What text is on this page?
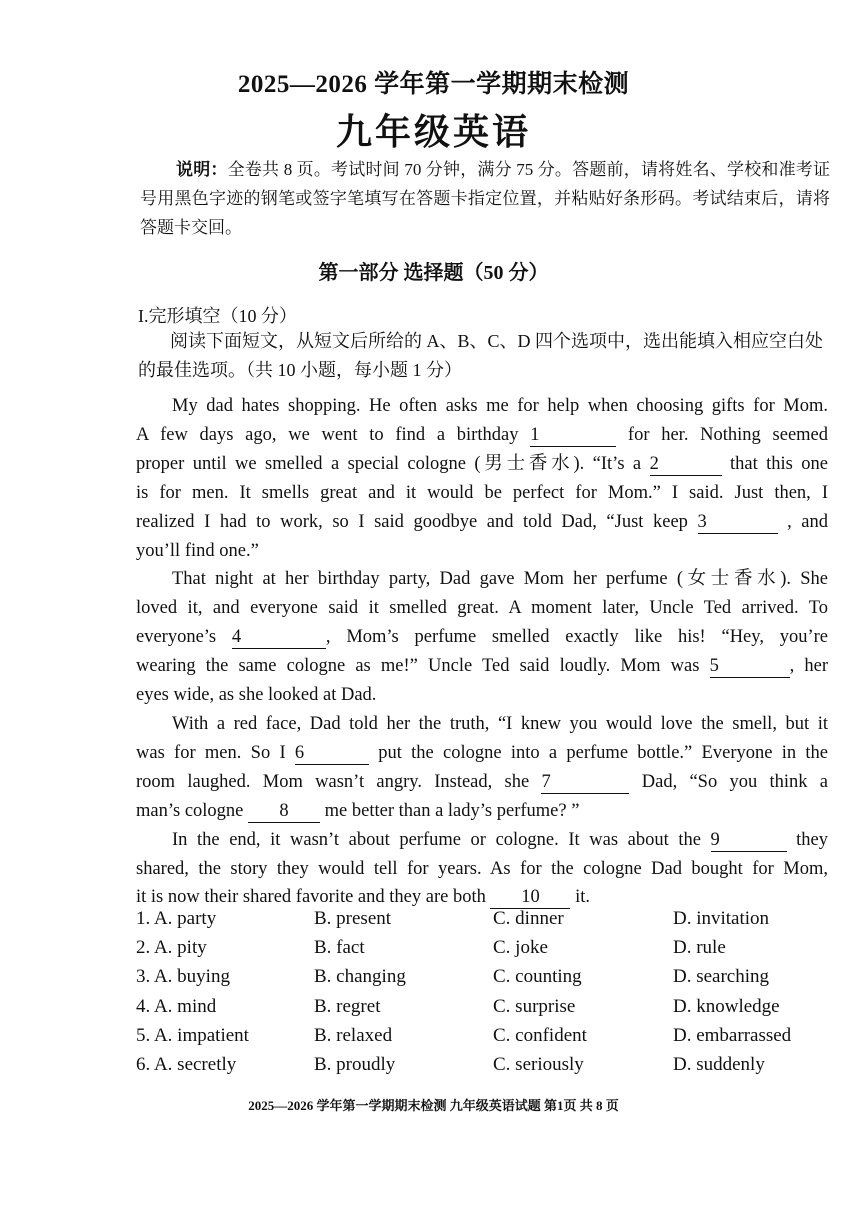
2025—2026 学年第一学期期末检测
九年级英语
说明：全卷共 8 页。考试时间 70 分钟，满分 75 分。答题前，请将姓名、学校和准考证号用黑色字迹的钢笔或签字笔填写在答题卡指定位置，并粘贴好条形码。考试结束后，请将答题卡交回。
第一部分 选择题（50 分）
I.完形填空（10 分）
阅读下面短文，从短文后所给的 A、B、C、D 四个选项中，选出能填入相应空白处的最佳选项。（共 10 小题，每小题 1 分）
My dad hates shopping. He often asks me for help when choosing gifts for Mom.
A few days ago, we went to find a birthday 1	for her. Nothing seemed
proper until we smelled a special cologne (男士香水). “It’s a 2	that this one
is for men. It smells great and it would be perfect for Mom.” I said. Just then, I
realized I had to work, so I said goodbye and told Dad, “Just keep 3	, and
you’ll find one.”
That night at her birthday party, Dad gave Mom her perfume (女士香水). She
loved it, and everyone said it smelled great. A moment later, Uncle Ted arrived. To
everyone’s 4	, Mom’s perfume smelled exactly like his! “Hey, you’re
wearing the same cologne as me!” Uncle Ted said loudly. Mom was 5	, her
eyes wide, as she looked at Dad.
With a red face, Dad told her the truth, “I knew you would love the smell, but it
was for men. So I 6	put the cologne into a perfume bottle.” Everyone in the
room laughed. Mom wasn’t angry. Instead, she 7	Dad, “So you think a
man’s cologne 8 me better than a lady’s perfume? ”
In the end, it wasn’t about perfume or cologne. It was about the 9	they
shared, the story they would tell for years. As for the cologne Dad bought for Mom,
it is now their shared favorite and they are both 10 it.
1. A. party	B. present	C. dinner	D. invitation
2. A. pity	B. fact	C. joke	D. rule
3. A. buying	B. changing	C. counting	D. searching
4. A. mind	B. regret	C. surprise	D. knowledge
5. A. impatient	B. relaxed	C. confident	D. embarrassed
6. A. secretly	B. proudly	C. seriously	D. suddenly
2025—2026 学年第一学期期末检测 九年级英语试题 第1页 共 8 页
